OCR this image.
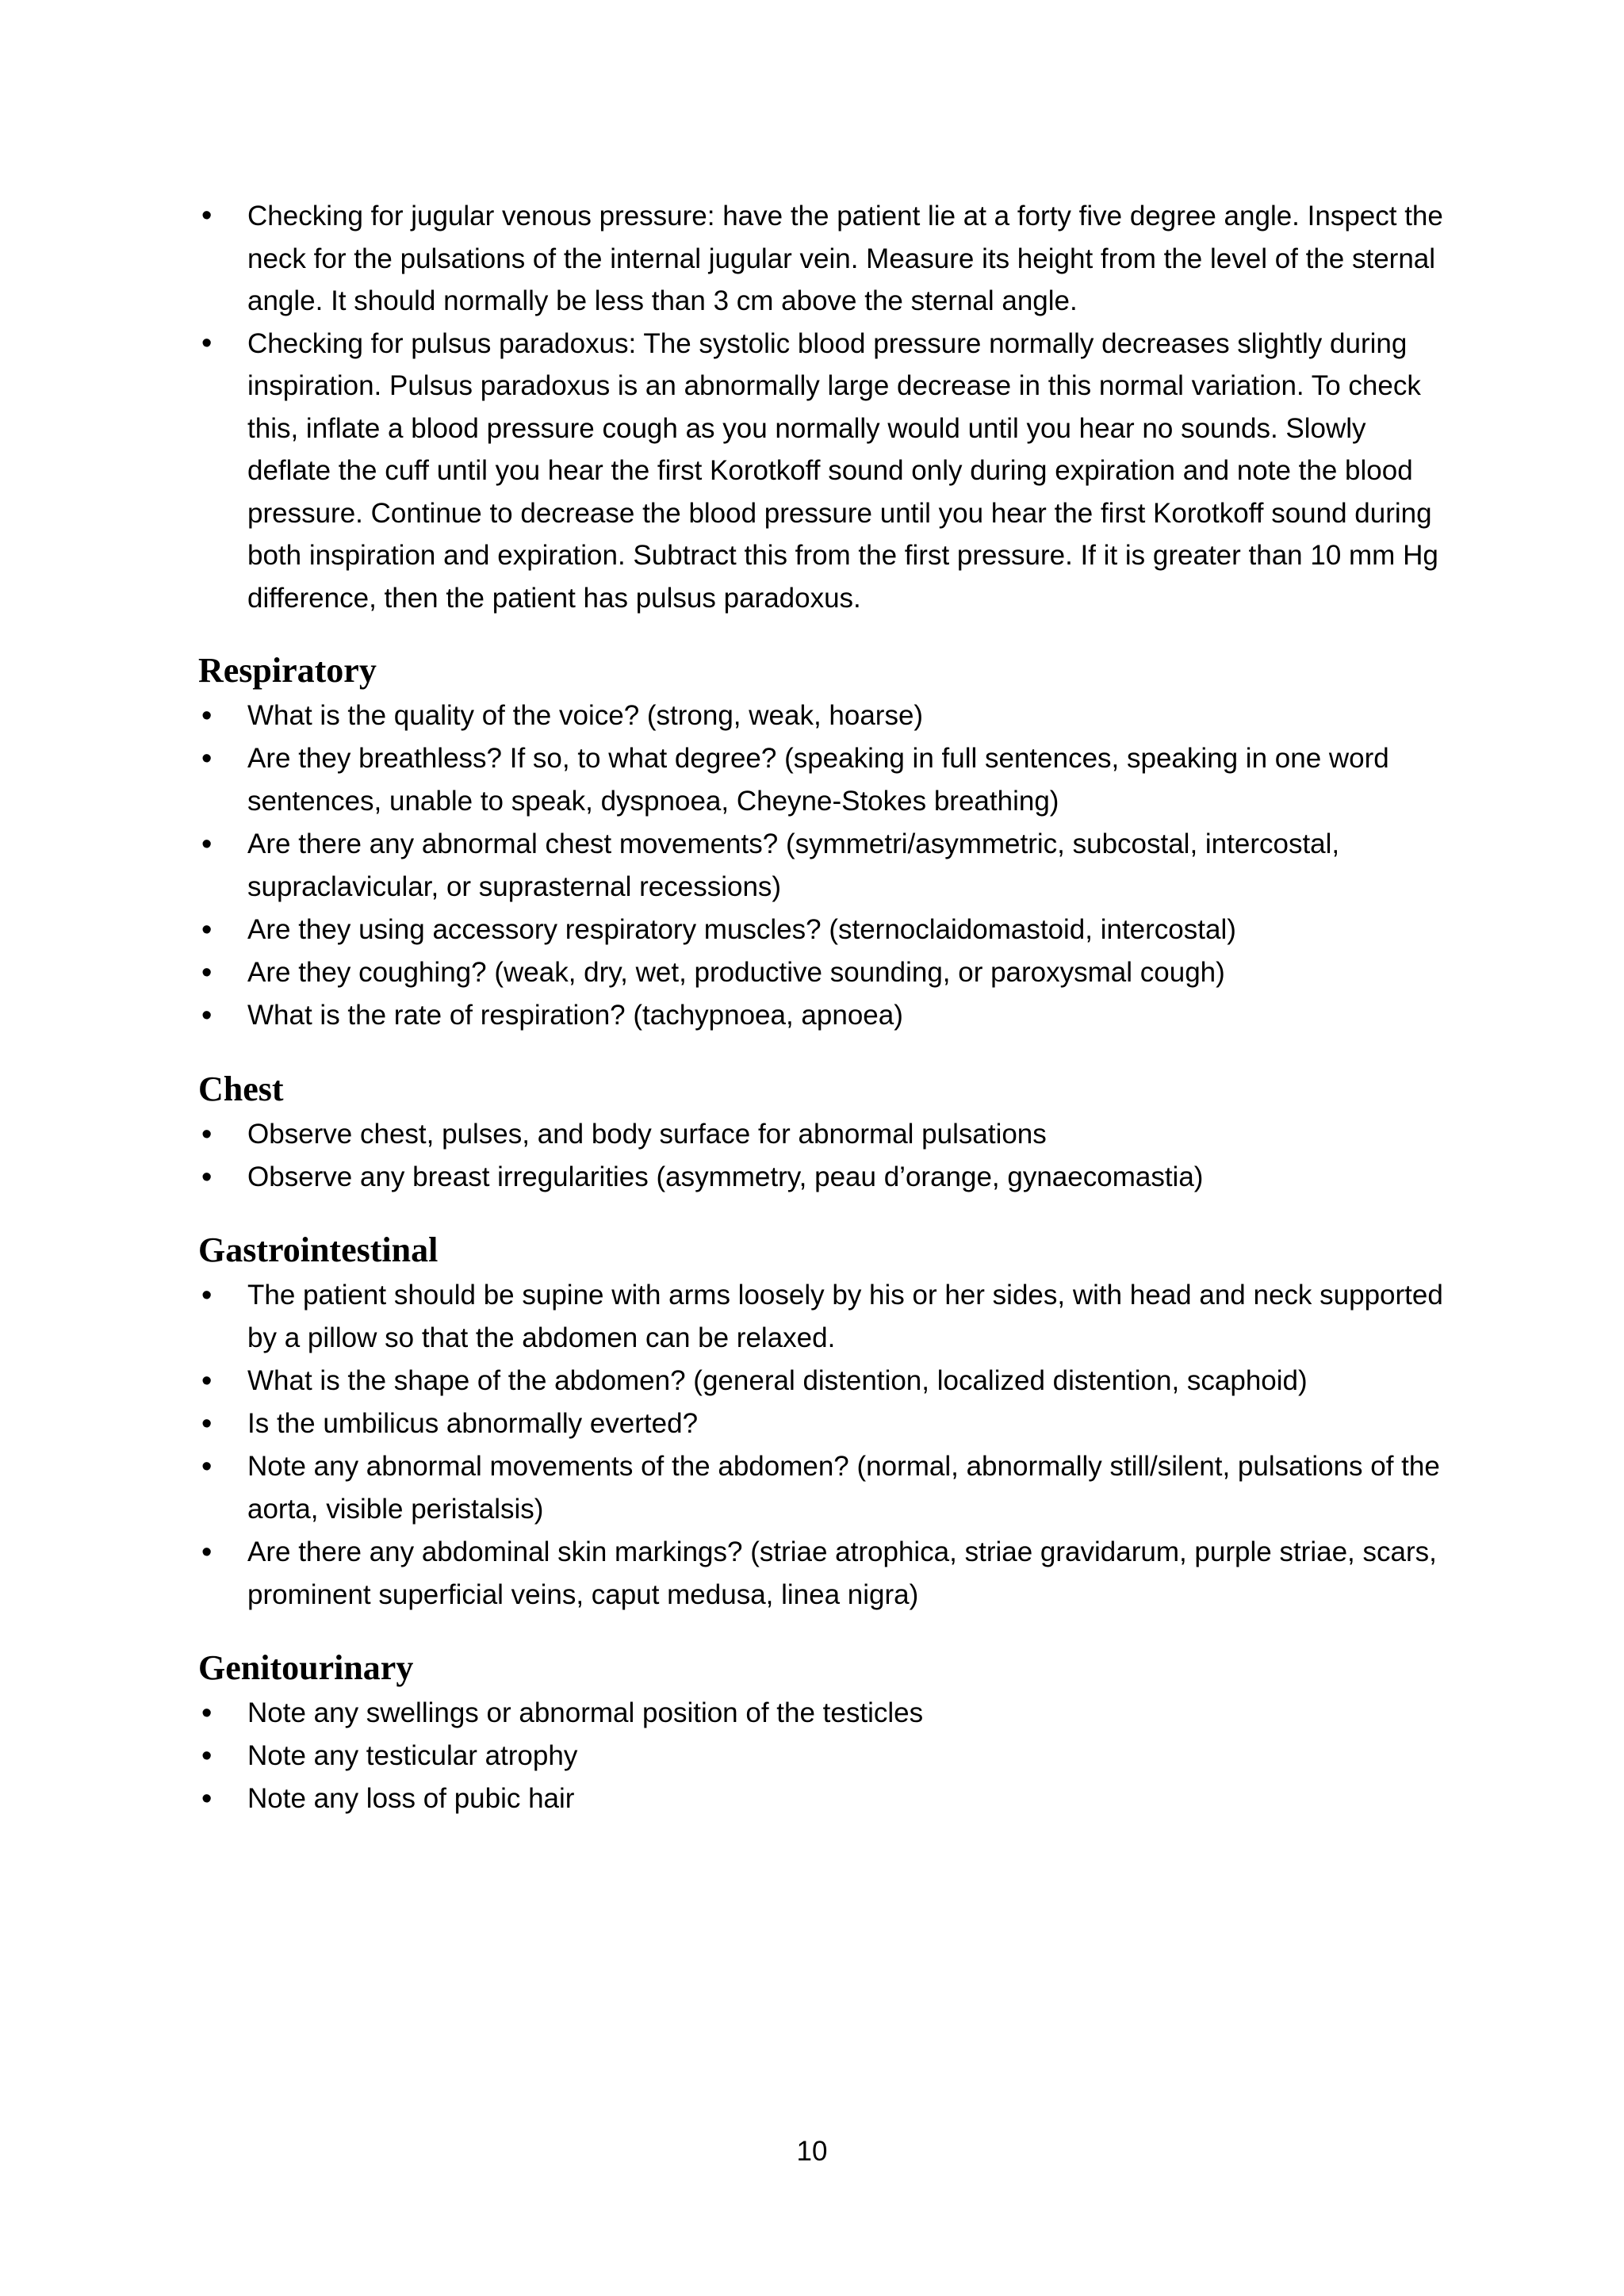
• Checking for jugular venous pressure: have the patient lie at a forty five degree angle. Inspect the neck for the pulsations of the internal jugular vein. Measure its height from the level of the sternal angle. It should normally be less than 3 cm above the sternal angle.
• Checking for pulsus paradoxus: The systolic blood pressure normally decreases slightly during inspiration. Pulsus paradoxus is an abnormally large decrease in this normal variation. To check this, inflate a blood pressure cough as you normally would until you hear no sounds. Slowly deflate the cuff until you hear the first Korotkoff sound only during expiration and note the blood pressure. Continue to decrease the blood pressure until you hear the first Korotkoff sound during both inspiration and expiration. Subtract this from the first pressure. If it is greater than 10 mm Hg difference, then the patient has pulsus paradoxus.
Respiratory
• What is the quality of the voice? (strong, weak, hoarse)
• Are they breathless? If so, to what degree? (speaking in full sentences, speaking in one word sentences, unable to speak, dyspnoea, Cheyne-Stokes breathing)
• Are there any abnormal chest movements? (symmetri/asymmetric, subcostal, intercostal, supraclavicular, or suprasternal recessions)
• Are they using accessory respiratory muscles? (sternoclaidomastoid, intercostal)
• Are they coughing? (weak, dry, wet, productive sounding, or paroxysmal cough)
• What is the rate of respiration? (tachypnoea, apnoea)
Chest
• Observe chest, pulses, and body surface for abnormal pulsations
• Observe any breast irregularities (asymmetry, peau d’orange, gynaecomastia)
Gastrointestinal
• The patient should be supine with arms loosely by his or her sides, with head and neck supported by a pillow so that the abdomen can be relaxed.
• What is the shape of the abdomen? (general distention, localized distention, scaphoid)
• Is the umbilicus abnormally everted?
• Note any abnormal movements of the abdomen? (normal, abnormally still/silent, pulsations of the aorta, visible peristalsis)
• Are there any abdominal skin markings? (striae atrophica, striae gravidarum, purple striae, scars, prominent superficial veins, caput medusa, linea nigra)
Genitourinary
• Note any swellings or abnormal position of the testicles
• Note any testicular atrophy
• Note any loss of pubic hair
10
